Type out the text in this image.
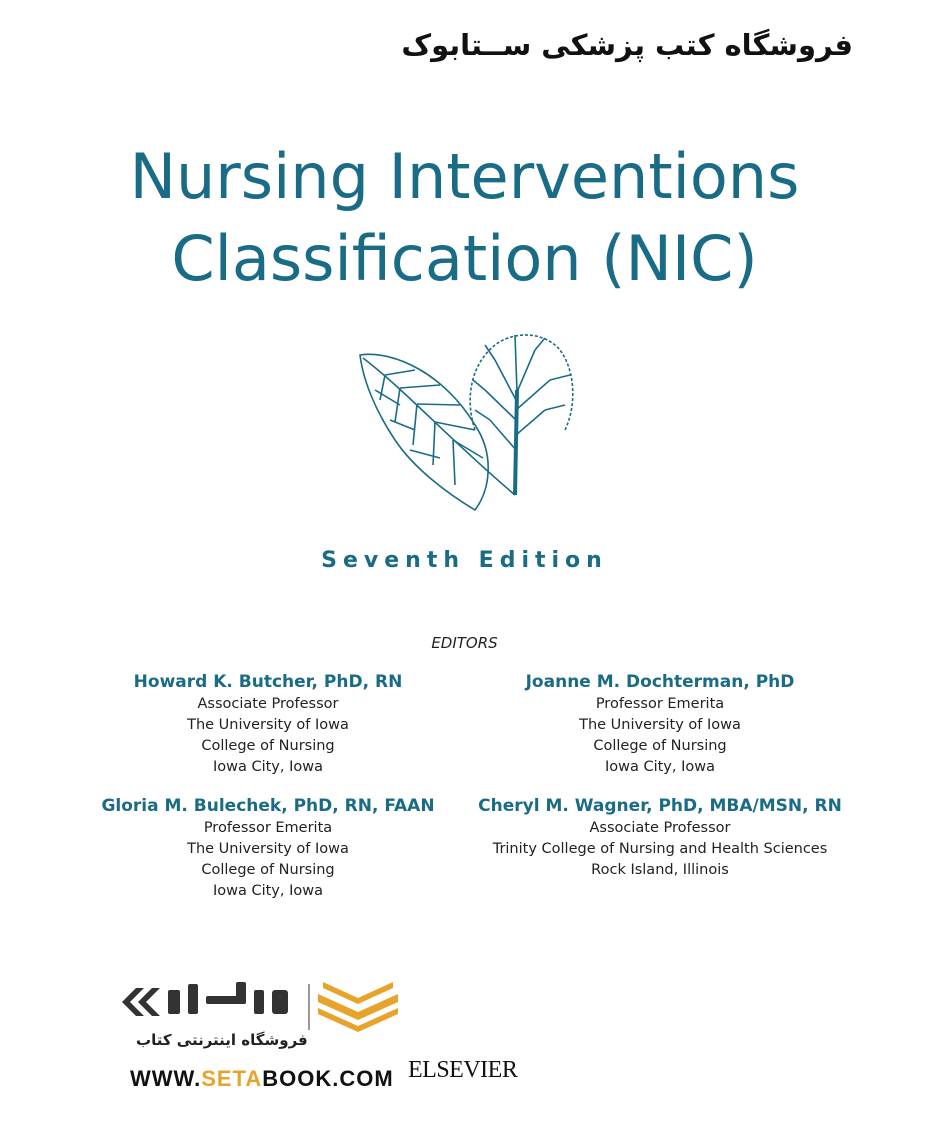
فروشگاه کتب پزشکی ســتابوک
Nursing Interventions
Classification (NIC)
Seventh Edition
EDITORS
Howard K. Butcher, PhD, RN
Associate Professor
The University of Iowa
College of Nursing
Iowa City, Iowa
Joanne M. Dochterman, PhD
Professor Emerita
The University of Iowa
College of Nursing
Iowa City, Iowa
Gloria M. Bulechek, PhD, RN, FAAN
Professor Emerita
The University of Iowa
College of Nursing
Iowa City, Iowa
Cheryl M. Wagner, PhD, MBA/MSN, RN
Associate Professor
Trinity College of Nursing and Health Sciences
Rock Island, Illinois
ستابوک
فروشگاه اینترنتی کتاب
WWW.SETABOOK.COM ELSEVIER
